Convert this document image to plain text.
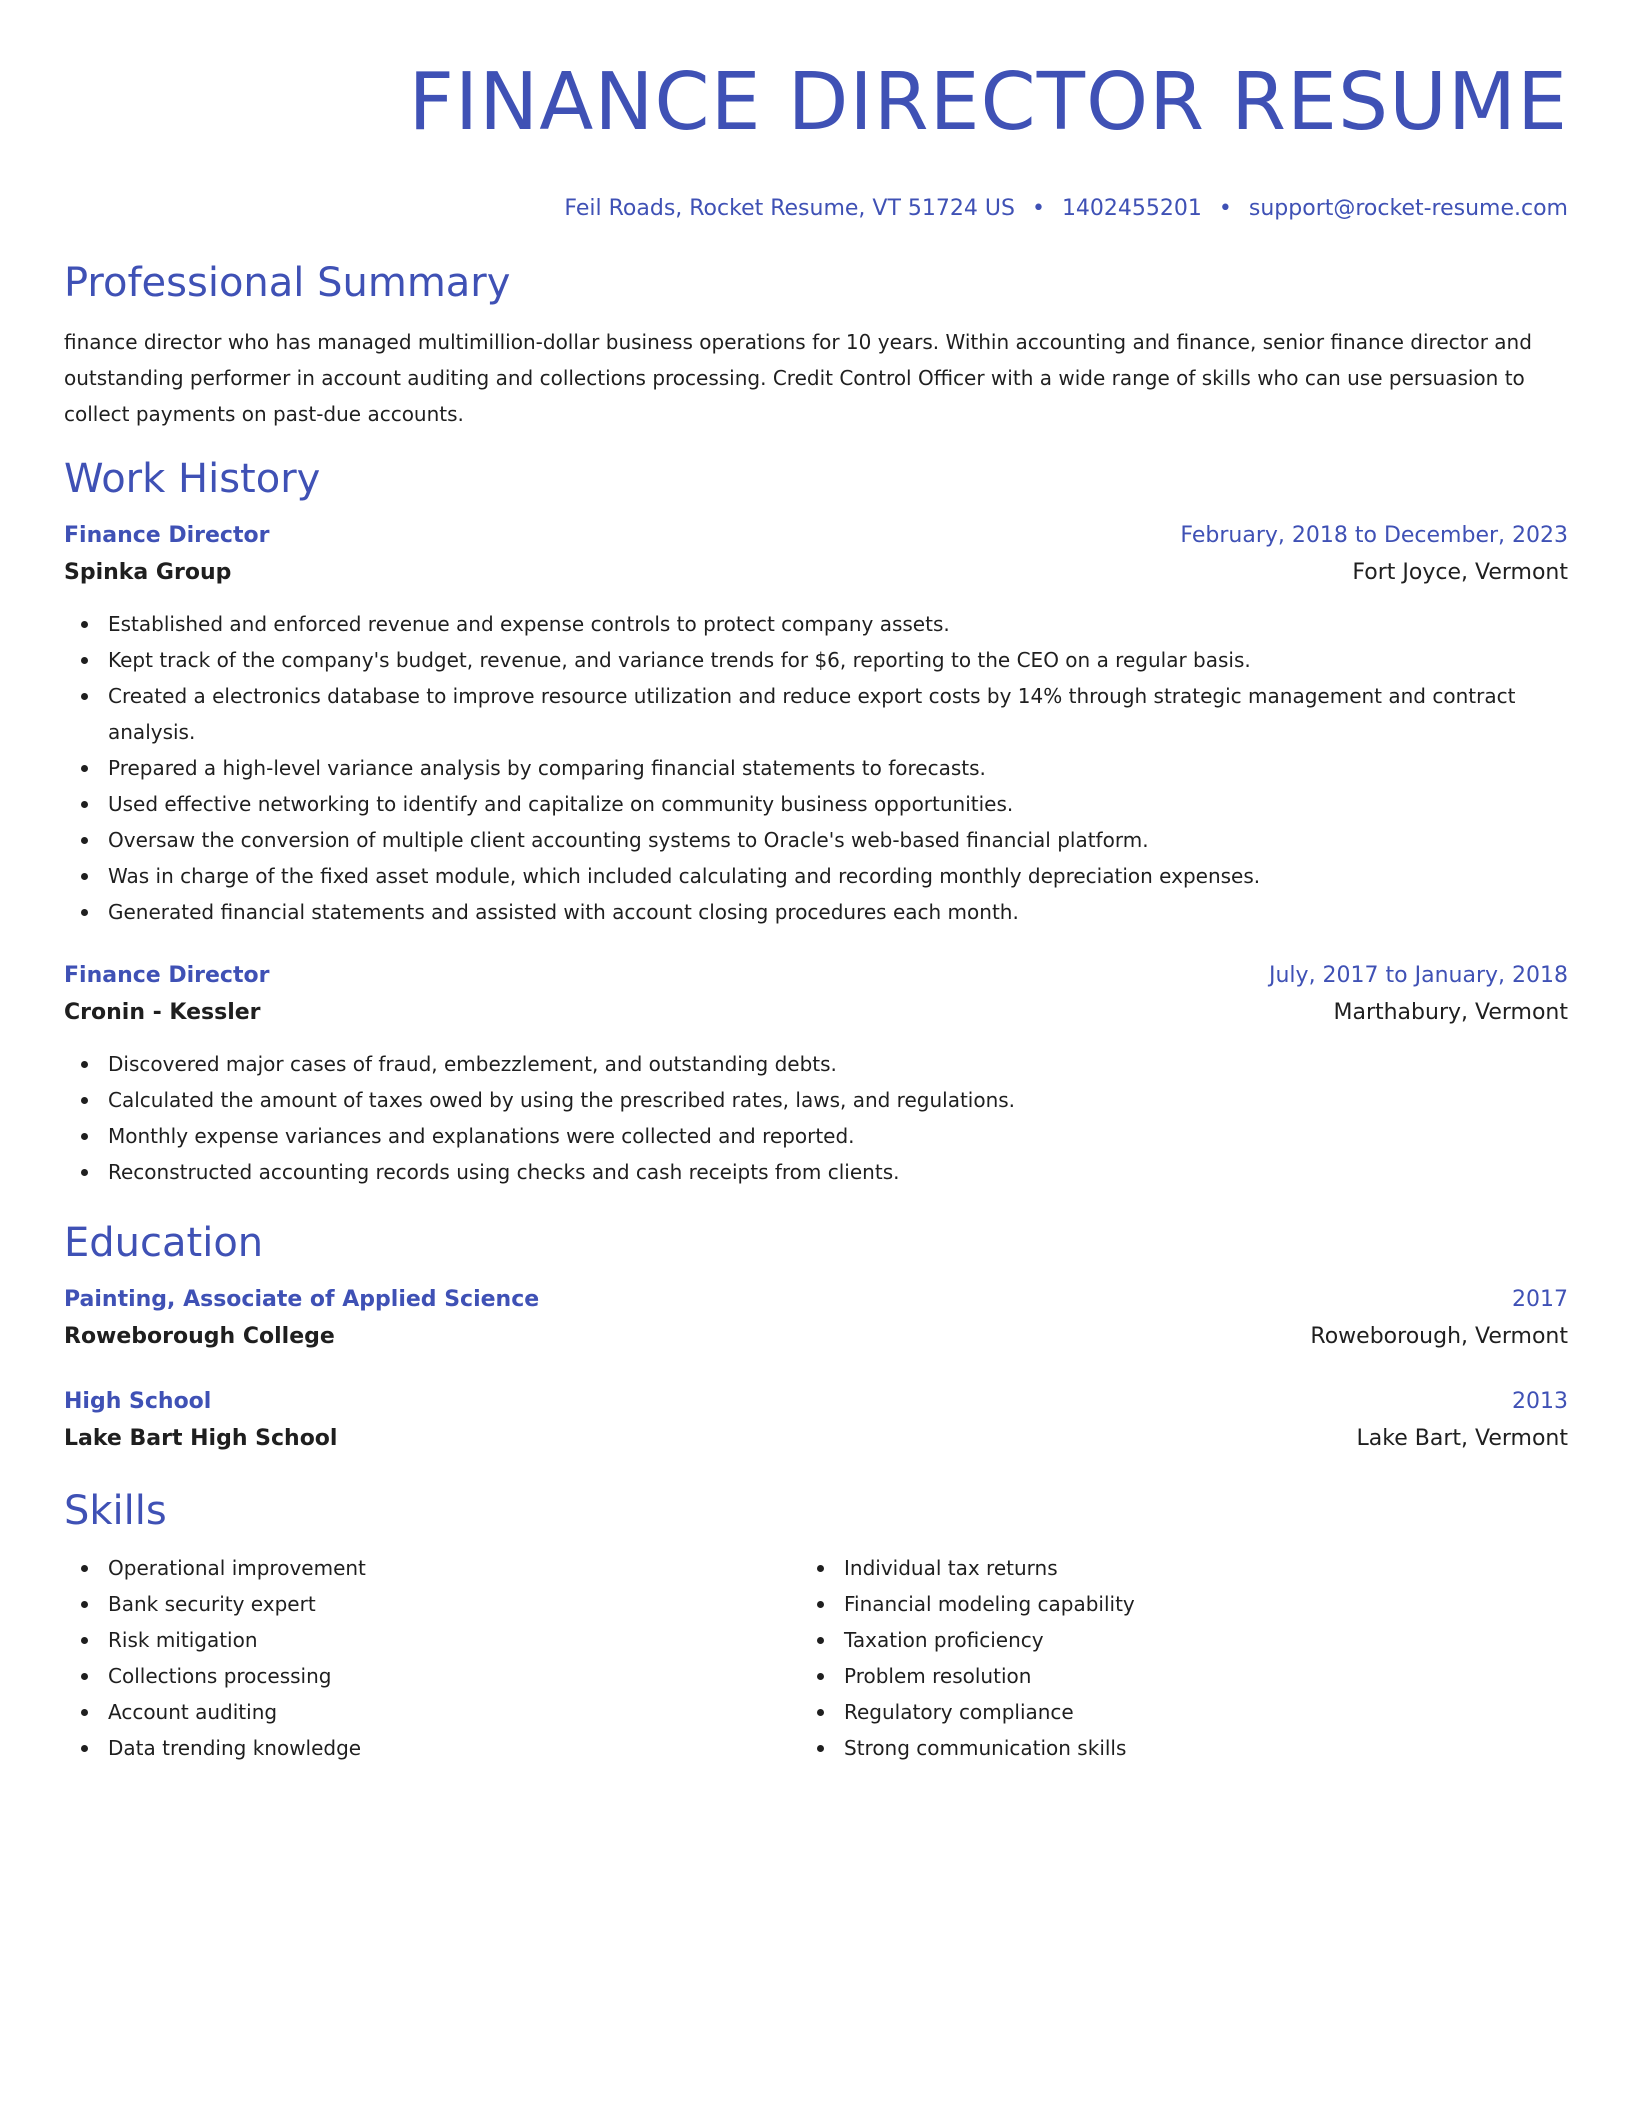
FINANCE DIRECTOR RESUME
Feil Roads, Rocket Resume, VT 51724 US • 1402455201 • support@rocket-resume.com
Professional Summary
finance director who has managed multimillion-dollar business operations for 10 years. Within accounting and finance, senior finance director and outstanding performer in account auditing and collections processing. Credit Control Officer with a wide range of skills who can use persuasion to collect payments on past-due accounts.
Work History
Finance Director	February, 2018 to December, 2023
Spinka Group	Fort Joyce, Vermont
Established and enforced revenue and expense controls to protect company assets.
Kept track of the company's budget, revenue, and variance trends for $6, reporting to the CEO on a regular basis.
Created a electronics database to improve resource utilization and reduce export costs by 14% through strategic management and contract analysis.
Prepared a high-level variance analysis by comparing financial statements to forecasts.
Used effective networking to identify and capitalize on community business opportunities.
Oversaw the conversion of multiple client accounting systems to Oracle's web-based financial platform.
Was in charge of the fixed asset module, which included calculating and recording monthly depreciation expenses.
Generated financial statements and assisted with account closing procedures each month.
Finance Director	July, 2017 to January, 2018
Cronin - Kessler	Marthabury, Vermont
Discovered major cases of fraud, embezzlement, and outstanding debts.
Calculated the amount of taxes owed by using the prescribed rates, laws, and regulations.
Monthly expense variances and explanations were collected and reported.
Reconstructed accounting records using checks and cash receipts from clients.
Education
Painting, Associate of Applied Science	2017
Roweborough College	Roweborough, Vermont
High School	2013
Lake Bart High School	Lake Bart, Vermont
Skills
Operational improvement
Bank security expert
Risk mitigation
Collections processing
Account auditing
Data trending knowledge
Individual tax returns
Financial modeling capability
Taxation proficiency
Problem resolution
Regulatory compliance
Strong communication skills
